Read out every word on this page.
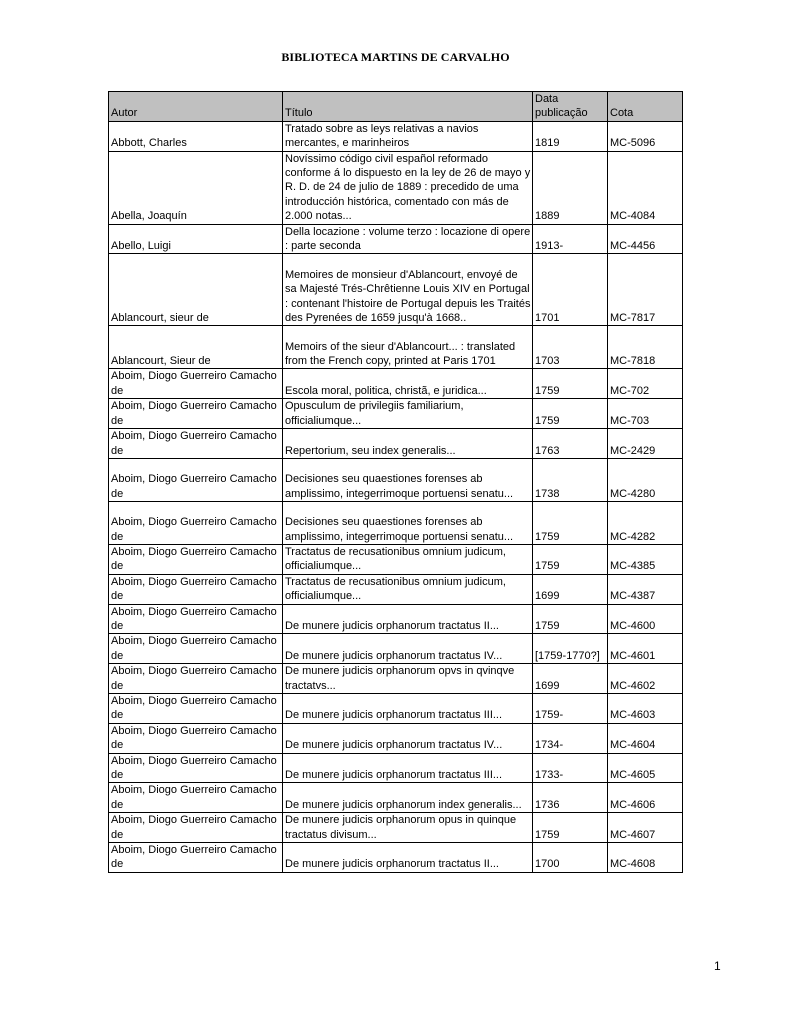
BIBLIOTECA MARTINS DE CARVALHO
Autor	Título	Data publicação	Cota
Abbott, Charles	Tratado sobre as leys relativas a navios mercantes, e marinheiros	1819	MC-5096
Abella, Joaquín	Novíssimo código civil español reformado conforme á lo dispuesto en la ley de 26 de mayo y R. D. de 24 de julio de 1889 : precedido de uma introducción histórica, comentado con más de 2.000 notas...	1889	MC-4084
Abello, Luigi	Della locazione : volume terzo : locazione di opere : parte seconda	1913-	MC-4456
Ablancourt, sieur de	Memoires de monsieur d'Ablancourt, envoyé de sa Majesté Trés-Chrêtienne Louis XIV en Portugal : contenant l'histoire de Portugal depuis les Traités des Pyrenées de 1659 jusqu'à 1668..	1701	MC-7817
Ablancourt, Sieur de	Memoirs of the sieur d'Ablancourt... : translated from the French copy, printed at Paris 1701	1703	MC-7818
Aboim, Diogo Guerreiro Camacho de	Escola moral, politica, christã, e juridica...	1759	MC-702
Aboim, Diogo Guerreiro Camacho de	Opusculum de privilegiis familiarium, officialiumque...	1759	MC-703
Aboim, Diogo Guerreiro Camacho de	Repertorium, seu index generalis...	1763	MC-2429
Aboim, Diogo Guerreiro Camacho de	Decisiones seu quaestiones forenses ab amplissimo, integerrimoque portuensi senatu...	1738	MC-4280
Aboim, Diogo Guerreiro Camacho de	Decisiones seu quaestiones forenses ab amplissimo, integerrimoque portuensi senatu...	1759	MC-4282
Aboim, Diogo Guerreiro Camacho de	Tractatus de recusationibus omnium judicum, officialiumque...	1759	MC-4385
Aboim, Diogo Guerreiro Camacho de	Tractatus de recusationibus omnium judicum, officialiumque...	1699	MC-4387
Aboim, Diogo Guerreiro Camacho de	De munere judicis orphanorum tractatus II...	1759	MC-4600
Aboim, Diogo Guerreiro Camacho de	De munere judicis orphanorum tractatus IV...	[1759-1770?]	MC-4601
Aboim, Diogo Guerreiro Camacho de	De munere judicis orphanorum opvs in qvinqve tractatvs...	1699	MC-4602
Aboim, Diogo Guerreiro Camacho de	De munere judicis orphanorum tractatus III...	1759-	MC-4603
Aboim, Diogo Guerreiro Camacho de	De munere judicis orphanorum tractatus IV...	1734-	MC-4604
Aboim, Diogo Guerreiro Camacho de	De munere judicis orphanorum tractatus III...	1733-	MC-4605
Aboim, Diogo Guerreiro Camacho de	De munere judicis orphanorum index generalis...	1736	MC-4606
Aboim, Diogo Guerreiro Camacho de	De munere judicis orphanorum opus in quinque tractatus divisum...	1759	MC-4607
Aboim, Diogo Guerreiro Camacho de	De munere judicis orphanorum tractatus II...	1700	MC-4608
1
